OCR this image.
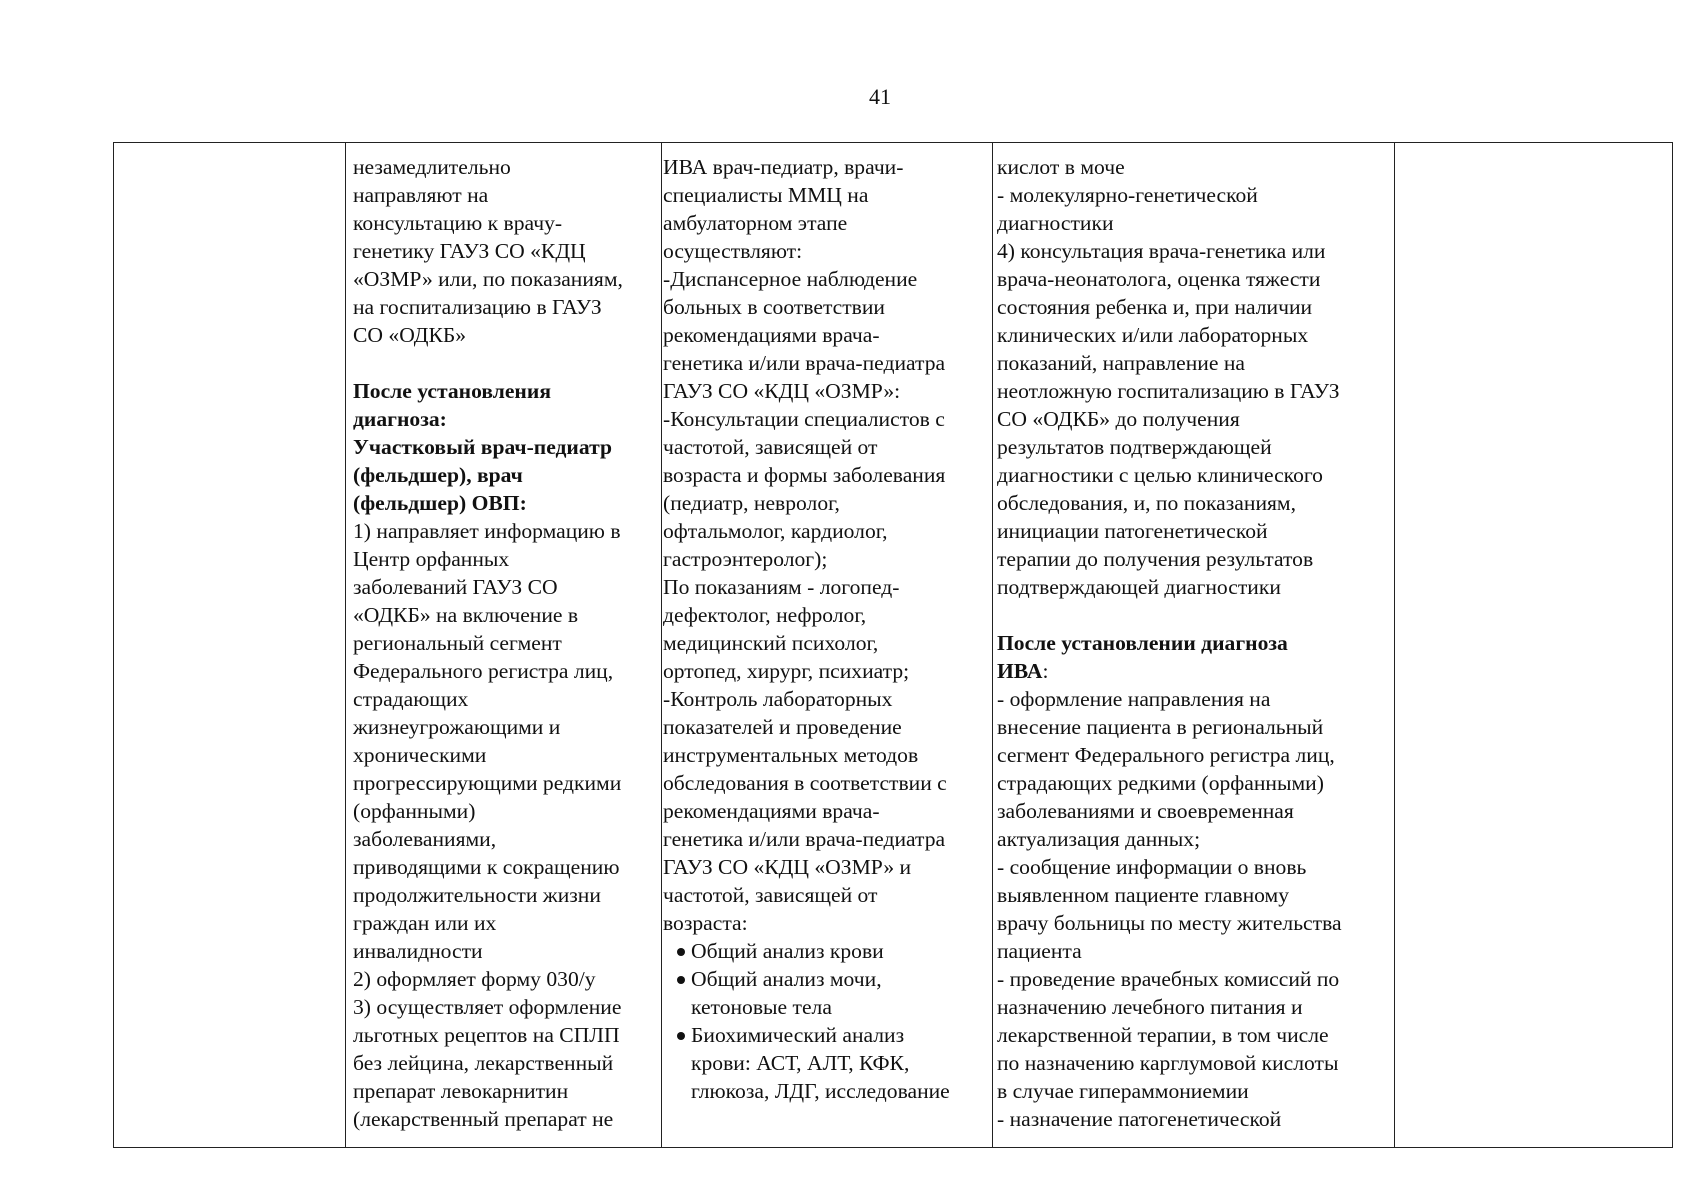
41

незамедлительно
направляют на
консультацию к врачу-
генетику ГАУЗ СО «КДЦ
«ОЗМР» или, по показаниям,
на госпитализацию в ГАУЗ
СО «ОДКБ»
После установления
диагноза:
Участковый врач-педиатр
(фельдшер), врач
(фельдшер) ОВП:
1) направляет информацию в
Центр орфанных
заболеваний ГАУЗ СО
«ОДКБ» на включение в
региональный сегмент
Федерального регистра лиц,
страдающих
жизнеугрожающими и
хроническими
прогрессирующими редкими
(орфанными)
заболеваниями,
приводящими к сокращению
продолжительности жизни
граждан или их
инвалидности
2) оформляет форму 030/у
3) осуществляет оформление
льготных рецептов на СПЛП
без лейцина, лекарственный
препарат левокарнитин
(лекарственный препарат не

ИВА врач-педиатр, врачи-
специалисты ММЦ на
амбулаторном этапе
осуществляют:
-Диспансерное наблюдение
больных в соответствии
рекомендациями врача-
генетика и/или врача-педиатра
ГАУЗ СО «КДЦ «ОЗМР»:
-Консультации специалистов с
частотой, зависящей от
возраста и формы заболевания
(педиатр, невролог,
офтальмолог, кардиолог,
гастроэнтеролог);
По показаниям - логопед-
дефектолог, нефролог,
медицинский психолог,
ортопед, хирург, психиатр;
-Контроль лабораторных
показателей и проведение
инструментальных методов
обследования в соответствии с
рекомендациями врача-
генетика и/или врача-педиатра
ГАУЗ СО «КДЦ «ОЗМР» и
частотой, зависящей от
возраста:
Общий анализ крови
Общий анализ мочи,
кетоновые тела
Биохимический анализ
крови: АСТ, АЛТ, КФК,
глюкоза, ЛДГ, исследование

кислот в моче
- молекулярно-генетической
диагностики
4) консультация врача-генетика или
врача-неонатолога, оценка тяжести
состояния ребенка и, при наличии
клинических и/или лабораторных
показаний, направление на
неотложную госпитализацию в ГАУЗ
СО «ОДКБ» до получения
результатов подтверждающей
диагностики с целью клинического
обследования, и, по показаниям,
инициации патогенетической
терапии до получения результатов
подтверждающей диагностики
После установлении диагноза
ИВА:
- оформление направления на
внесение пациента в региональный
сегмент Федерального регистра лиц,
страдающих редкими (орфанными)
заболеваниями и своевременная
актуализация данных;
- сообщение информации о вновь
выявленном пациенте главному
врачу больницы по месту жительства
пациента
- проведение врачебных комиссий по
назначению лечебного питания и
лекарственной терапии, в том числе
по назначению карглумовой кислоты
в случае гипераммониемии
- назначение патогенетической
